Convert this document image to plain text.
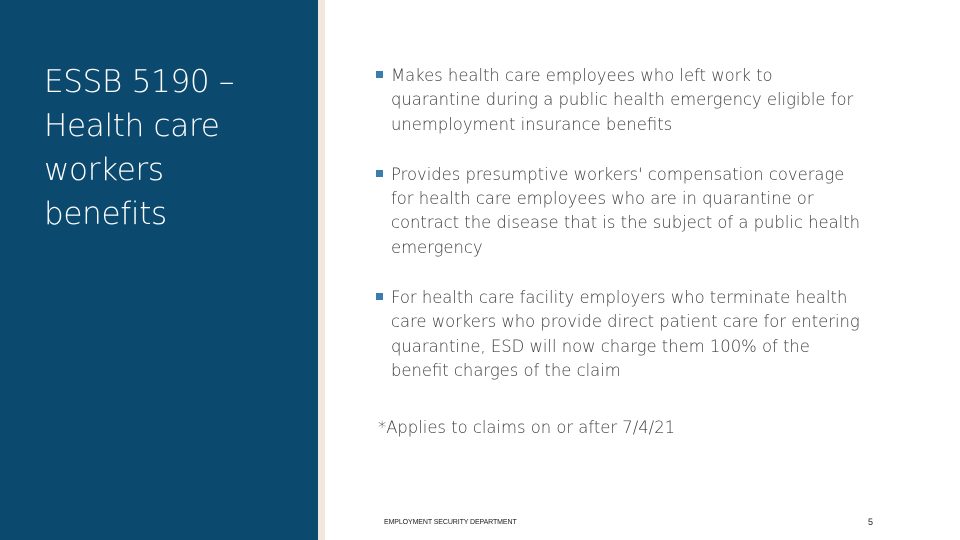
ESSB 5190 – Health care workers benefits
Makes health care employees who left work to quarantine during a public health emergency eligible for unemployment insurance benefits
Provides presumptive workers' compensation coverage for health care employees who are in quarantine or contract the disease that is the subject of a public health emergency
For health care facility employers who terminate health care workers who provide direct patient care for entering quarantine, ESD will now charge them 100% of the benefit charges of the claim
*Applies to claims on or after 7/4/21
EMPLOYMENT SECURITY DEPARTMENT	5
